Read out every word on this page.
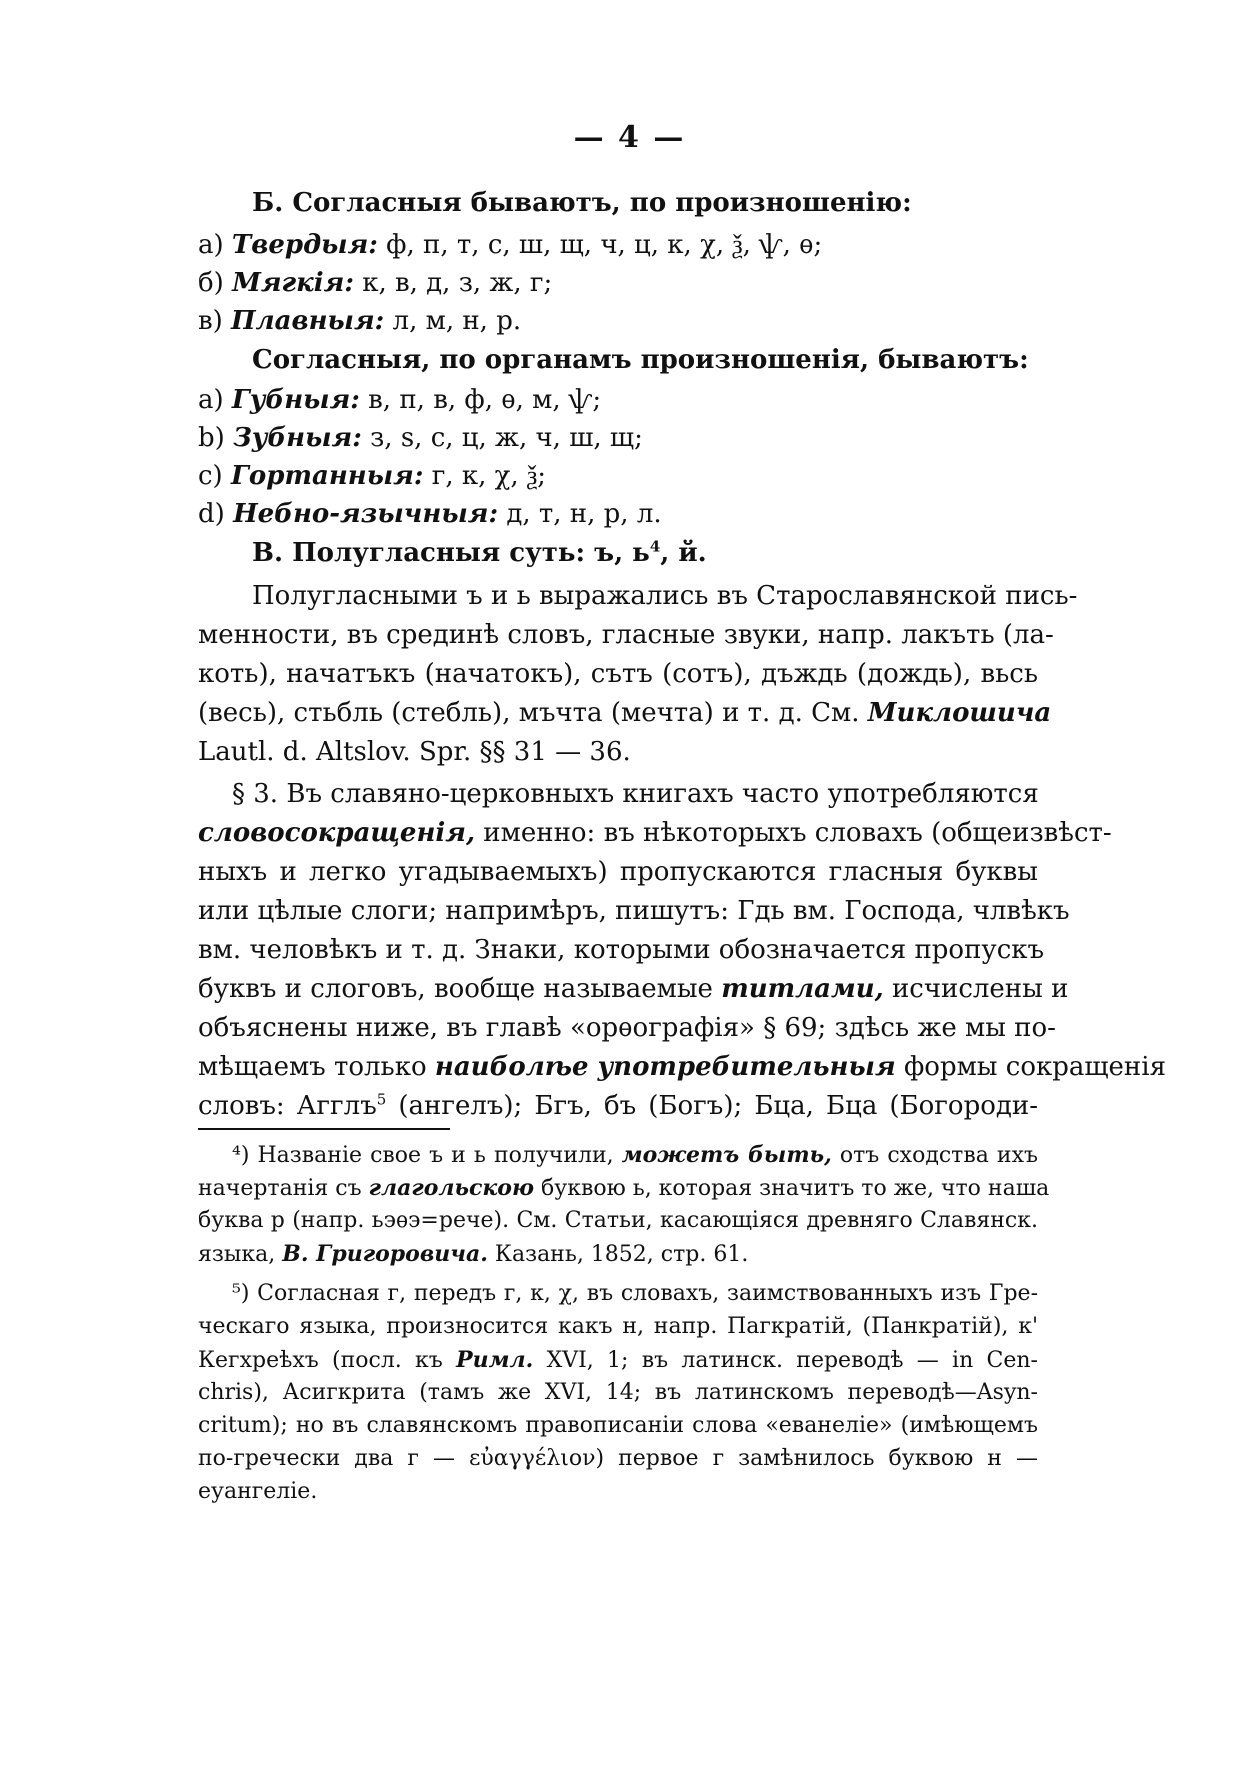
— 4 —
Б. Согласныя бываютъ, по произношенію:
а) Твердыя: ф, п, т, с, ш, щ, ч, ц, к, χ, ѯ, ѱ, ѳ;
б) Мягкія: к, в, д, з, ж, г;
в) Плавныя: л, м, н, р.
Согласныя, по органамъ произношенія, бываютъ:
a) Губныя: в, п, в, ф, ѳ, м, ѱ;
b) Зубныя: з, ѕ, с, ц, ж, ч, ш, щ;
c) Гортанныя: г, к, χ, ѯ;
d) Небно-язычныя: д, т, н, р, л.
В. Полугласныя суть: ъ, $ь^4$, й.
Полугласными ъ и ь выражались въ Старославянской пись-
менности, въ срединѣ словъ, гласные звуки, напр. лакъть (ла-
коть), начатъкъ (начатокъ), сътъ (сотъ), дъждь (дождь), вьсь
(весь), стьбль (стебль), мъчта (мечта) и т. д. См. Миклошича
Lautl. d. Altslov. Spr. §§ 31 — 36.
§ 3. Въ славяно-церковныхъ книгахъ часто употребляются
словосокращенія, именно: въ нѣкоторыхъ словахъ (общеизвѣст-
ныхъ и легко угадываемыхъ) пропускаются гласныя буквы
или цѣлые слоги; напримѣръ, пишутъ: Гдь вм. Господа, члвѣкъ
вм. человѣкъ и т. д. Знаки, которыми обозначается пропускъ
буквъ и слоговъ, вообще называемые титлами, исчислены и
объяснены ниже, въ главѣ «орѳографія» § 69; здѣсь же мы по-
мѣщаемъ только наиболѣе употребительныя формы сокращенія
словъ: Агглъ$^5$ (ангелъ); Бгъ, бъ (Богъ); Бца, Бца (Богороди-
⁴) Названіе свое ъ и ь получили, можетъ быть, отъ сходства ихъ
начертанія съ глагольскою буквою ь, которая значитъ то же, что наша
буква р (напр. ьэѳэ=рече). См. Статьи, касающіяся древняго Славянск.
языка, В. Григоровича. Казань, 1852, стр. 61.
⁵) Согласная г, передъ г, к, χ, въ словахъ, заимствованныхъ изъ Гре-
ческаго языка, произносится какъ н, напр. Пагкратій, (Панкратій), к'
Кегхреѣхъ (посл. къ Римл. XVI, 1; въ латинск. переводѣ — in Cen-
chris), Асигкрита (тамъ же XVI, 14; въ латинскомъ переводѣ—Asyn-
critum); но въ славянскомъ правописаніи слова «еванеліе» (имѣющемъ
по-гречески два г — εὐαγγέλιον) первое г замѣнилось буквою н —
еуангеліе.
